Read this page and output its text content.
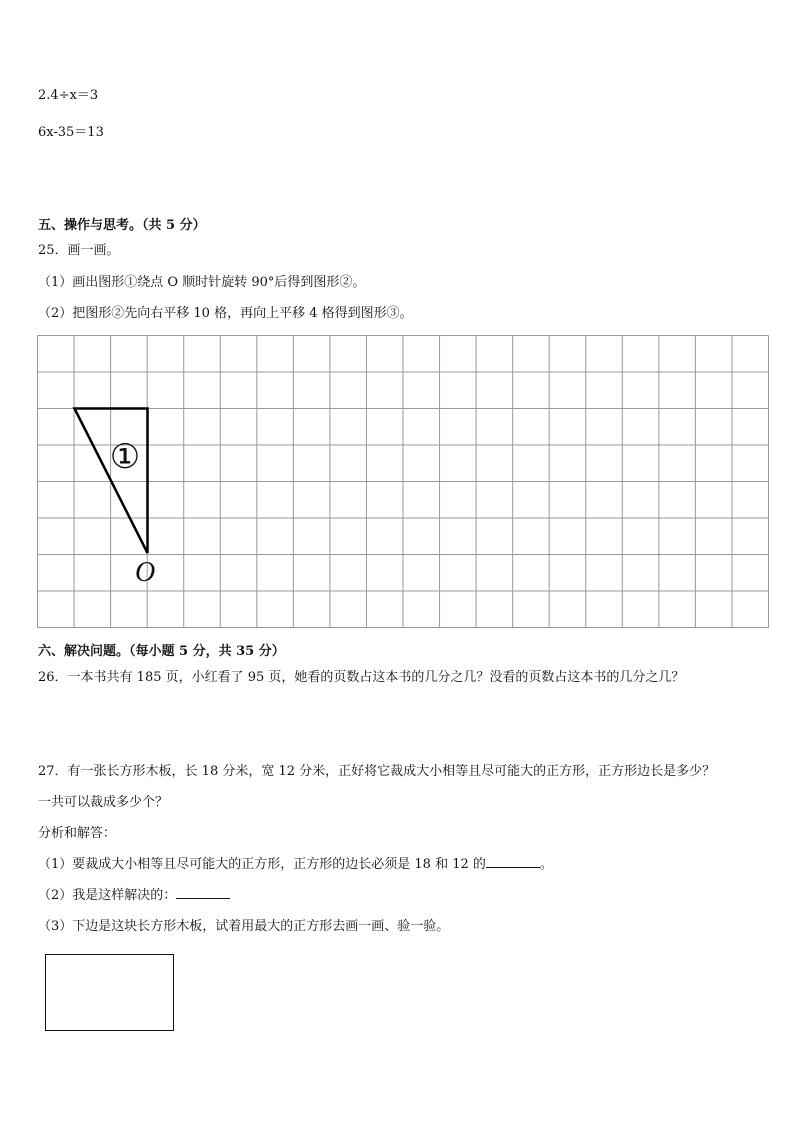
2.4÷x＝3
6x-35＝13
五、操作与思考。（共 5 分）
25．画一画。
（1）画出图形①绕点 O 顺时针旋转 90°后得到图形②。
（2）把图形②先向右平移 10 格，再向上平移 4 格得到图形③。
①
O
六、解决问题。（每小题 5 分，共 35 分）
26．一本书共有 185 页，小红看了 95 页，她看的页数占这本书的几分之几？没看的页数占这本书的几分之几？
27．有一张长方形木板，长 18 分米，宽 12 分米，正好将它裁成大小相等且尽可能大的正方形，正方形边长是多少？
一共可以裁成多少个？
分析和解答：
（1）要裁成大小相等且尽可能大的正方形，正方形的边长必须是 18 和 12 的	。
（2）我是这样解决的：
（3）下边是这块长方形木板，试着用最大的正方形去画一画、验一验。
